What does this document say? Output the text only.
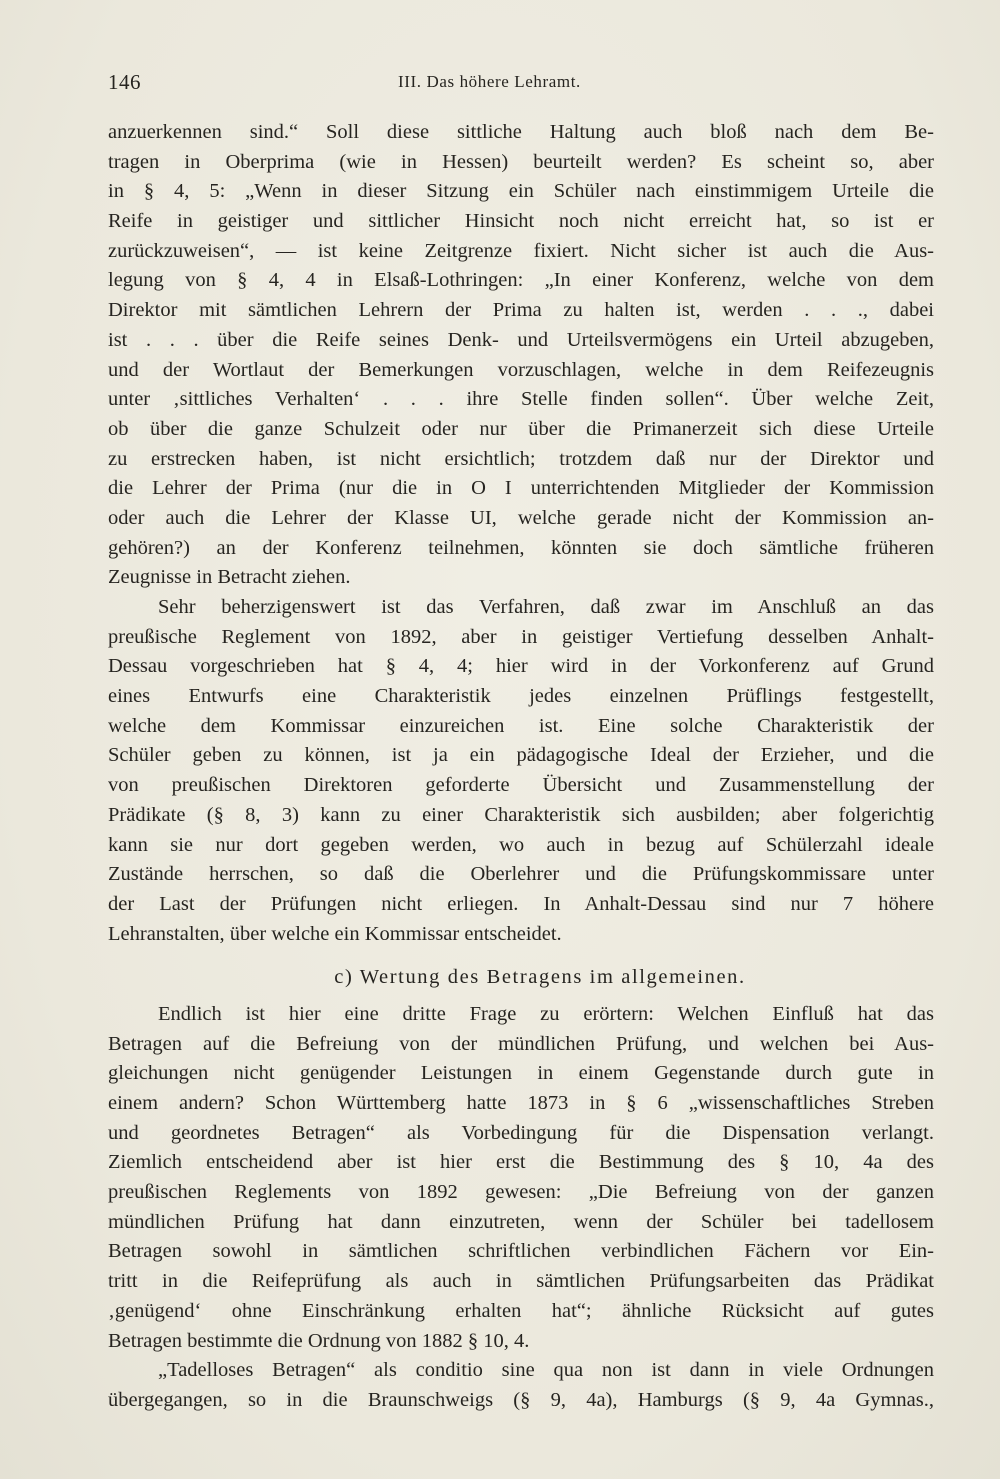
146	III. Das höhere Lehramt.

anzuerkennen sind.“ Soll diese sittliche Haltung auch bloß nach dem Be-
tragen in Oberprima (wie in Hessen) beurteilt werden? Es scheint so, aber
in § 4, 5: „Wenn in dieser Sitzung ein Schüler nach einstimmigem Urteile die
Reife in geistiger und sittlicher Hinsicht noch nicht erreicht hat, so ist er
zurückzuweisen“, — ist keine Zeitgrenze fixiert. Nicht sicher ist auch die Aus-
legung von § 4, 4 in Elsaß-Lothringen: „In einer Konferenz, welche von dem
Direktor mit sämtlichen Lehrern der Prima zu halten ist, werden . . ., dabei
ist . . . über die Reife seines Denk- und Urteilsvermögens ein Urteil abzugeben,
und der Wortlaut der Bemerkungen vorzuschlagen, welche in dem Reifezeugnis
unter ‚sittliches Verhalten‘ . . . ihre Stelle finden sollen“. Über welche Zeit,
ob über die ganze Schulzeit oder nur über die Primanerzeit sich diese Urteile
zu erstrecken haben, ist nicht ersichtlich; trotzdem daß nur der Direktor und
die Lehrer der Prima (nur die in O I unterrichtenden Mitglieder der Kommission
oder auch die Lehrer der Klasse UI, welche gerade nicht der Kommission an-
gehören?) an der Konferenz teilnehmen, könnten sie doch sämtliche früheren
Zeugnisse in Betracht ziehen.

Sehr beherzigenswert ist das Verfahren, daß zwar im Anschluß an das
preußische Reglement von 1892, aber in geistiger Vertiefung desselben Anhalt-
Dessau vorgeschrieben hat § 4, 4; hier wird in der Vorkonferenz auf Grund
eines Entwurfs eine Charakteristik jedes einzelnen Prüflings festgestellt,
welche dem Kommissar einzureichen ist. Eine solche Charakteristik der
Schüler geben zu können, ist ja ein pädagogische Ideal der Erzieher, und die
von preußischen Direktoren geforderte Übersicht und Zusammenstellung der
Prädikate (§ 8, 3) kann zu einer Charakteristik sich ausbilden; aber folgerichtig
kann sie nur dort gegeben werden, wo auch in bezug auf Schülerzahl ideale
Zustände herrschen, so daß die Oberlehrer und die Prüfungskommissare unter
der Last der Prüfungen nicht erliegen. In Anhalt-Dessau sind nur 7 höhere
Lehranstalten, über welche ein Kommissar entscheidet.

c) Wertung des Betragens im allgemeinen.

Endlich ist hier eine dritte Frage zu erörtern: Welchen Einfluß hat das
Betragen auf die Befreiung von der mündlichen Prüfung, und welchen bei Aus-
gleichungen nicht genügender Leistungen in einem Gegenstande durch gute in
einem andern? Schon Württemberg hatte 1873 in § 6 „wissenschaftliches Streben
und geordnetes Betragen“ als Vorbedingung für die Dispensation verlangt.
Ziemlich entscheidend aber ist hier erst die Bestimmung des § 10, 4a des
preußischen Reglements von 1892 gewesen: „Die Befreiung von der ganzen
mündlichen Prüfung hat dann einzutreten, wenn der Schüler bei tadellosem
Betragen sowohl in sämtlichen schriftlichen verbindlichen Fächern vor Ein-
tritt in die Reifeprüfung als auch in sämtlichen Prüfungsarbeiten das Prädikat
‚genügend‘ ohne Einschränkung erhalten hat“; ähnliche Rücksicht auf gutes
Betragen bestimmte die Ordnung von 1882 § 10, 4.

„Tadelloses Betragen“ als conditio sine qua non ist dann in viele Ordnungen
übergegangen, so in die Braunschweigs (§ 9, 4a), Hamburgs (§ 9, 4a Gymnas.,
